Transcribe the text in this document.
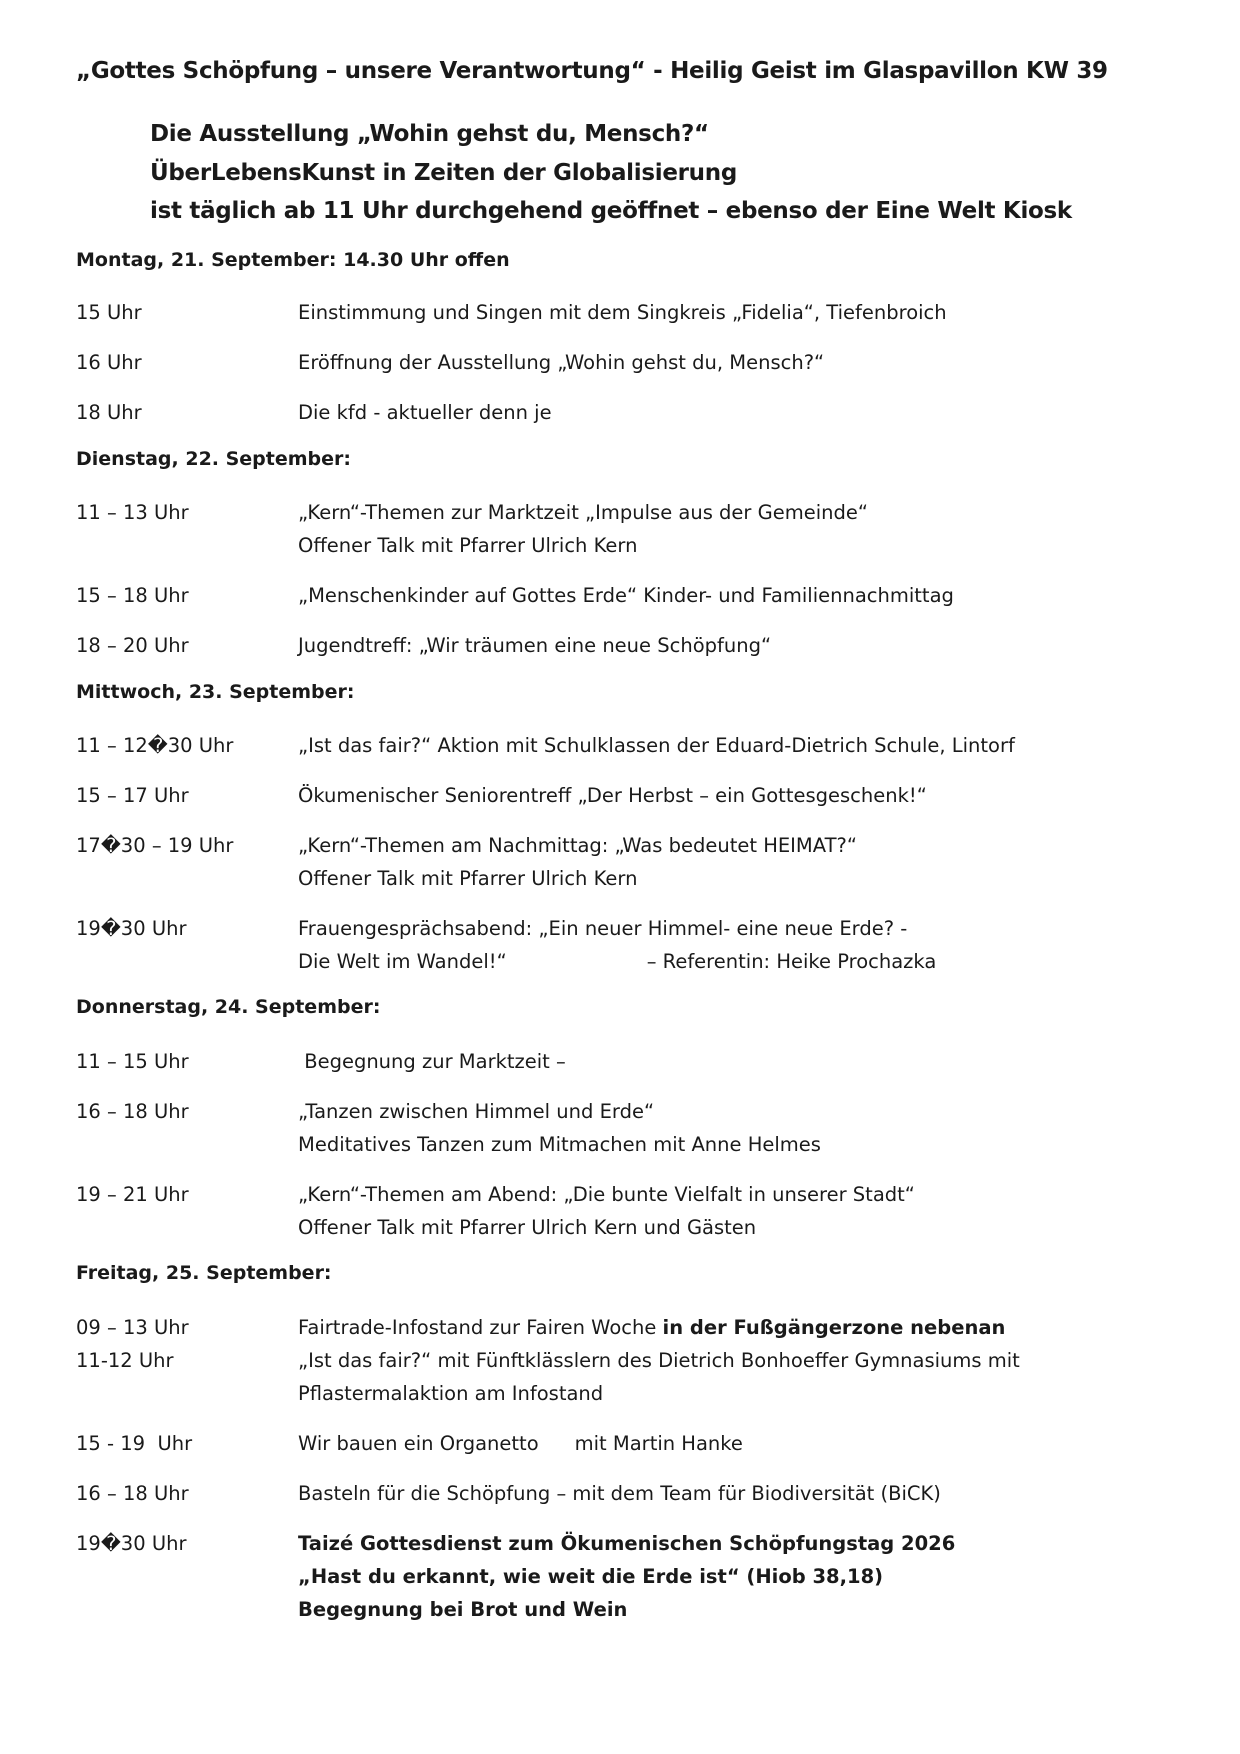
„Gottes Schöpfung – unsere Verantwortung“ - Heilig Geist im Glaspavillon KW 39
Die Ausstellung „Wohin gehst du, Mensch?“
ÜberLebensKunst in Zeiten der Globalisierung
ist täglich ab 11 Uhr durchgehend geöffnet – ebenso der Eine Welt Kiosk
Montag, 21. September: 14.30 Uhr offen
15 Uhr	Einstimmung und Singen mit dem Singkreis „Fidelia“, Tiefenbroich
16 Uhr	Eröffnung der Ausstellung „Wohin gehst du, Mensch?“
18 Uhr	Die kfd - aktueller denn je
Dienstag, 22. September:
11 – 13 Uhr	„Kern“-Themen zur Marktzeit „Impulse aus der Gemeinde“
Offener Talk mit Pfarrer Ulrich Kern
15 – 18 Uhr	„Menschenkinder auf Gottes Erde“ Kinder- und Familiennachmittag
18 – 20 Uhr	Jugendtreff: „Wir träumen eine neue Schöpfung“
Mittwoch, 23. September:
11 – 12�30 Uhr	„Ist das fair?“ Aktion mit Schulklassen der Eduard-Dietrich Schule, Lintorf
15 – 17 Uhr	Ökumenischer Seniorentreff „Der Herbst – ein Gottesgeschenk!“
17�30 – 19 Uhr	„Kern“-Themen am Nachmittag: „Was bedeutet HEIMAT?“
Offener Talk mit Pfarrer Ulrich Kern
19�30 Uhr	Frauengesprächsabend: „Ein neuer Himmel- eine neue Erde? -
Die Welt im Wandel!“	– Referentin: Heike Prochazka
Donnerstag, 24. September:
11 – 15 Uhr	Begegnung zur Marktzeit –
16 – 18 Uhr	„Tanzen zwischen Himmel und Erde“
Meditatives Tanzen zum Mitmachen mit Anne Helmes
19 – 21 Uhr	„Kern“-Themen am Abend: „Die bunte Vielfalt in unserer Stadt“
Offener Talk mit Pfarrer Ulrich Kern und Gästen
Freitag, 25. September:
09 – 13 Uhr	Fairtrade-Infostand zur Fairen Woche in der Fußgängerzone nebenan
11-12 Uhr	„Ist das fair?“ mit Fünftklässlern des Dietrich Bonhoeffer Gymnasiums mit
Pflastermalaktion am Infostand
15 - 19  Uhr	Wir bauen ein Organetto mit Martin Hanke
16 – 18 Uhr	Basteln für die Schöpfung – mit dem Team für Biodiversität (BiCK)
19�30 Uhr	Taizé Gottesdienst zum Ökumenischen Schöpfungstag 2026
„Hast du erkannt, wie weit die Erde ist“ (Hiob 38,18)
Begegnung bei Brot und Wein
